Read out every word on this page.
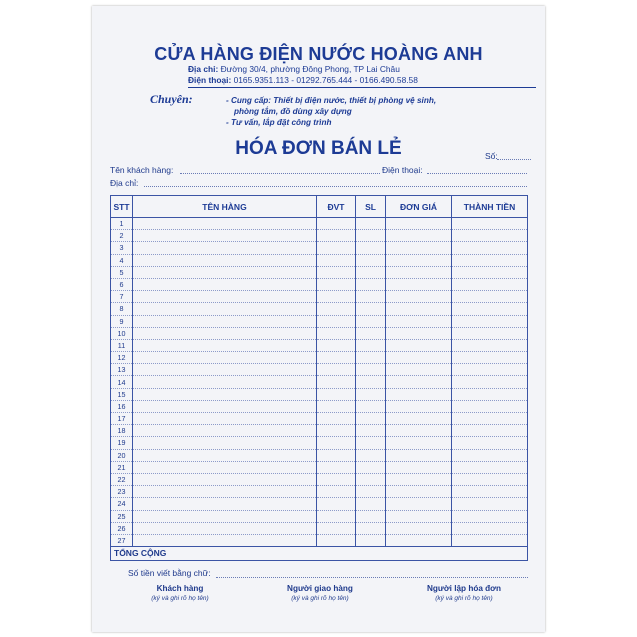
CỬA HÀNG ĐIỆN NƯỚC HOÀNG ANH
Địa chỉ: Đường 30/4, phường Đông Phong, TP Lai Châu
Điện thoại: 0165.9351.113 - 01292.765.444 - 0166.490.58.58
Chuyên:	- Cung cấp: Thiết bị điện nước, thiết bị phòng vệ sinh,
phòng tắm, đồ dùng xây dựng
- Tư vấn, lắp đặt công trình
HÓA ĐƠN BÁN LẺ	Số:
Tên khách hàng:	Điện thoại:
Địa chỉ:
STT	TÊN HÀNG	ĐVT	SL	ĐƠN GIÁ	THÀNH TIỀN
1					
2					
3					
4					
5					
6					
7					
8					
9					
10					
11					
12					
13					
14					
15					
16					
17					
18					
19					
20					
21					
22					
23					
24					
25					
26					
27					
TỔNG CỘNG					
Số tiền viết bằng chữ:
Khách hàng
(ký và ghi rõ họ tên)
Người giao hàng
(ký và ghi rõ họ tên)
Người lập hóa đơn
(ký và ghi rõ họ tên)
